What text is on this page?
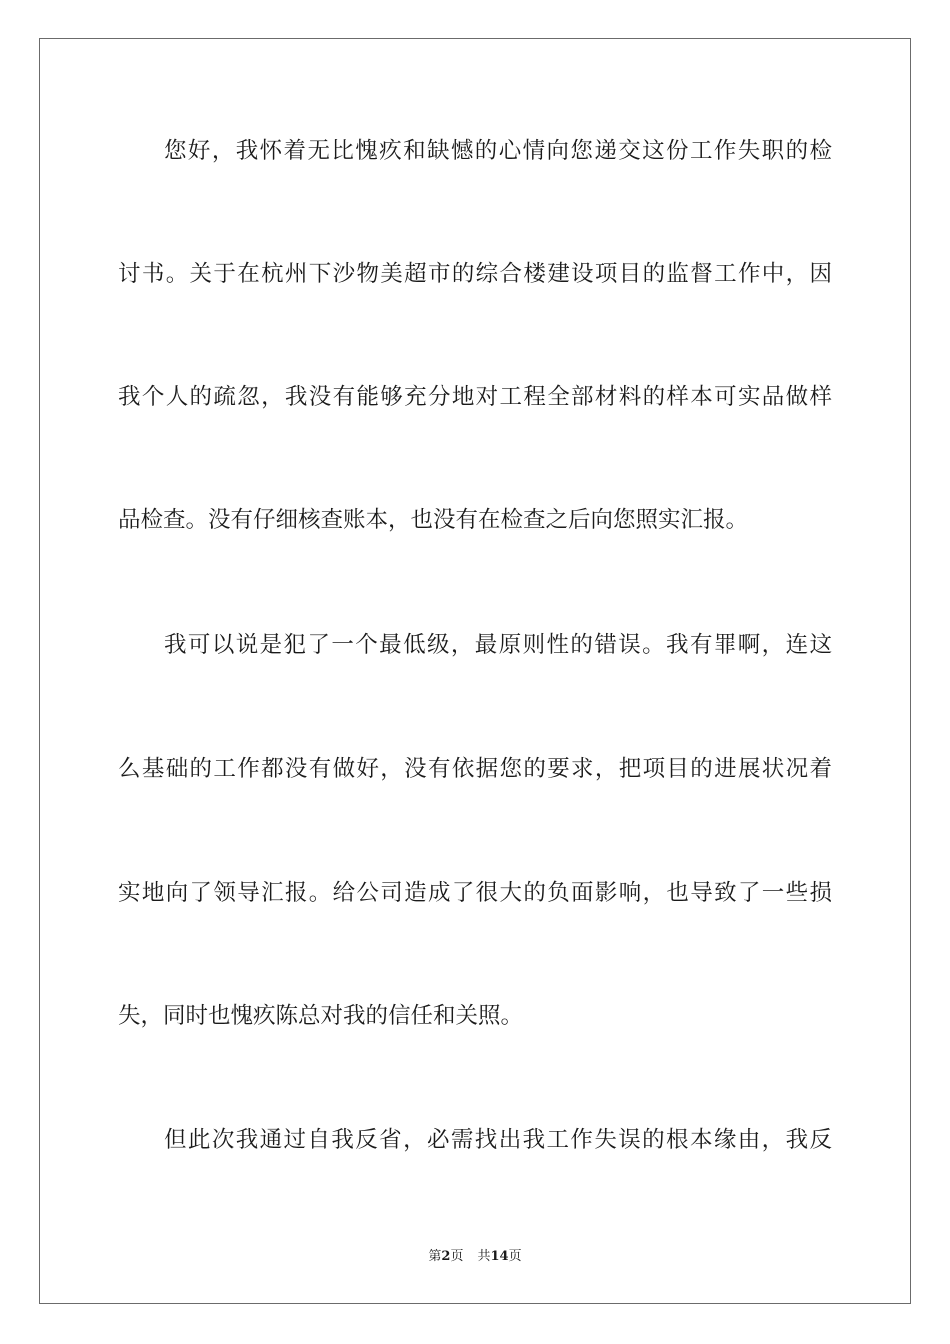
您好，我怀着无比愧疚和缺憾的心情向您递交这份工作失职的检
讨书。关于在杭州下沙物美超市的综合楼建设项目的监督工作中，因
我个人的疏忽，我没有能够充分地对工程全部材料的样本可实品做样
品检查。没有仔细核查账本，也没有在检查之后向您照实汇报。
我可以说是犯了一个最低级，最原则性的错误。我有罪啊，连这
么基础的工作都没有做好，没有依据您的要求，把项目的进展状况着
实地向了领导汇报。给公司造成了很大的负面影响，也导致了一些损
失，同时也愧疚陈总对我的信任和关照。
但此次我通过自我反省，必需找出我工作失误的根本缘由，我反
第2页 共14页
